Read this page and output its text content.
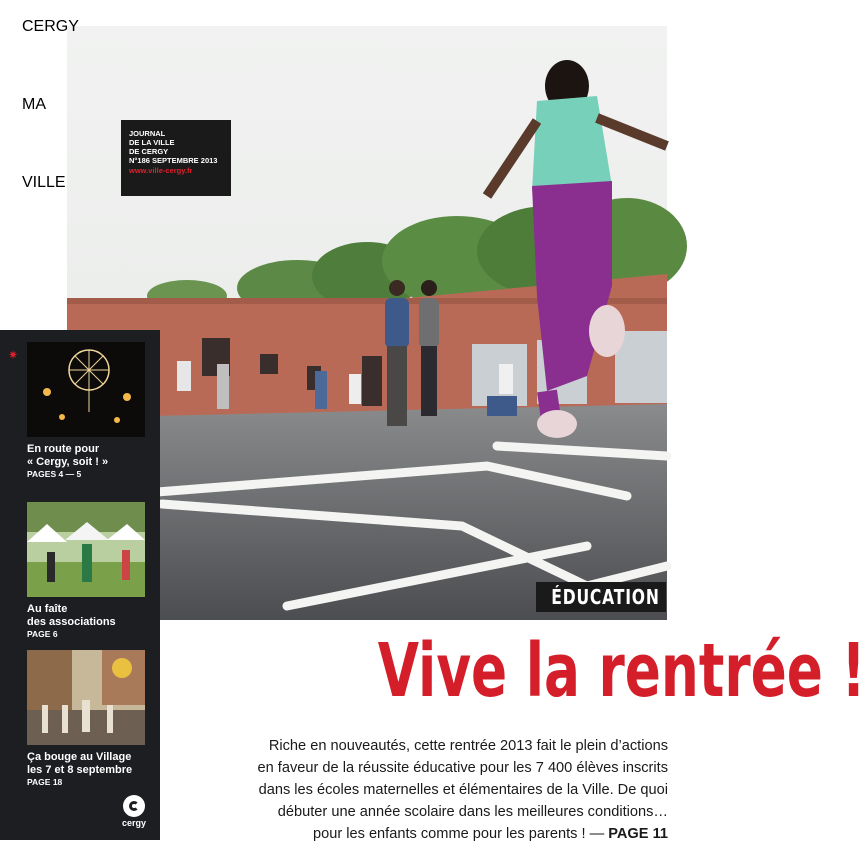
CERGY
MA
VILLE
JOURNAL
DE LA VILLE
DE CERGY
N°186 SEPTEMBRE 2013
www.ville-cergy.fr
✷
En route pour
« Cergy, soit ! »
PAGES 4 — 5
Au faîte
des associations
PAGE 6
Ça bouge au Village
les 7 et 8 septembre
PAGE 18
cergy
ÉDUCATION
Vive la rentrée !
Riche en nouveautés, cette rentrée 2013 fait le plein d’actions
en faveur de la réussite éducative pour les 7 400 élèves inscrits
dans les écoles maternelles et élémentaires de la Ville. De quoi
débuter une année scolaire dans les meilleures conditions…
pour les enfants comme pour les parents ! — PAGE 11
